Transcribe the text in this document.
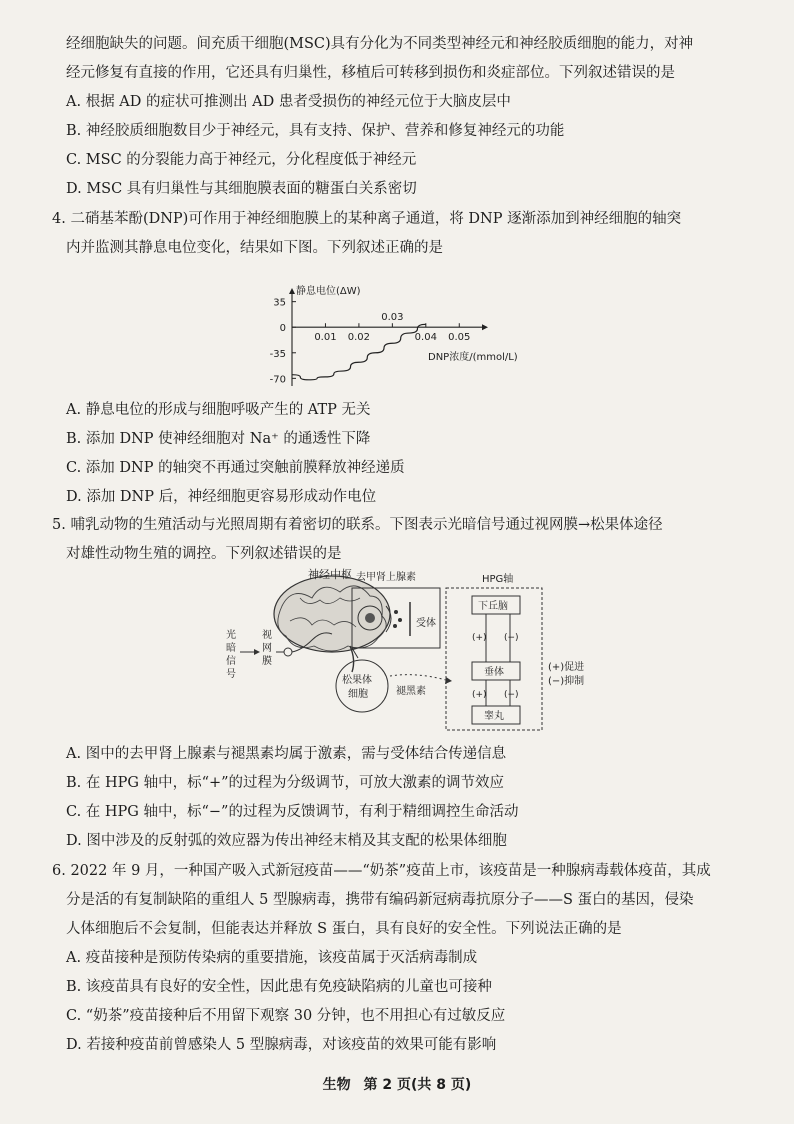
经细胞缺失的问题。间充质干细胞(MSC)具有分化为不同类型神经元和神经胶质细胞的能力，对神
经元修复有直接的作用，它还具有归巢性，移植后可转移到损伤和炎症部位。下列叙述错误的是
A. 根据 AD 的症状可推测出 AD 患者受损伤的神经元位于大脑皮层中
B. 神经胶质细胞数目少于神经元，具有支持、保护、营养和修复神经元的功能
C. MSC 的分裂能力高于神经元，分化程度低于神经元
D. MSC 具有归巢性与其细胞膜表面的糖蛋白关系密切
4. 二硝基苯酚(DNP)可作用于神经细胞膜上的某种离子通道，将 DNP 逐渐添加到神经细胞的轴突
内并监测其静息电位变化，结果如下图。下列叙述正确的是
静息电位(ΔW)
DNP浓度/(mmol/L)
35
0
-35
-70
0.01 0.02
0.03
0.04 0.05
A. 静息电位的形成与细胞呼吸产生的 ATP 无关
B. 添加 DNP 使神经细胞对 Na⁺ 的通透性下降
C. 添加 DNP 的轴突不再通过突触前膜释放神经递质
D. 添加 DNP 后，神经细胞更容易形成动作电位
5. 哺乳动物的生殖活动与光照周期有着密切的联系。下图表示光暗信号通过视网膜→松果体途径
对雄性动物生殖的调控。下列叙述错误的是
神经中枢
光
暗
信
号
视
网
膜
去甲肾上腺素
受体
松果体
细胞	褪黑素
HPG轴
下丘脑
垂体
睾丸
(+) (−)
(+) (−)
(+)促进
(−)抑制
A. 图中的去甲肾上腺素与褪黑素均属于激素，需与受体结合传递信息
B. 在 HPG 轴中，标“+”的过程为分级调节，可放大激素的调节效应
C. 在 HPG 轴中，标“−”的过程为反馈调节，有利于精细调控生命活动
D. 图中涉及的反射弧的效应器为传出神经末梢及其支配的松果体细胞
6. 2022 年 9 月，一种国产吸入式新冠疫苗——“奶茶”疫苗上市，该疫苗是一种腺病毒载体疫苗，其成
分是活的有复制缺陷的重组人 5 型腺病毒，携带有编码新冠病毒抗原分子——S 蛋白的基因，侵染
人体细胞后不会复制，但能表达并释放 S 蛋白，具有良好的安全性。下列说法正确的是
A. 疫苗接种是预防传染病的重要措施，该疫苗属于灭活病毒制成
B. 该疫苗具有良好的安全性，因此患有免疫缺陷病的儿童也可接种
C. “奶茶”疫苗接种后不用留下观察 30 分钟，也不用担心有过敏反应
D. 若接种疫苗前曾感染人 5 型腺病毒，对该疫苗的效果可能有影响
生物 第 2 页(共 8 页)
